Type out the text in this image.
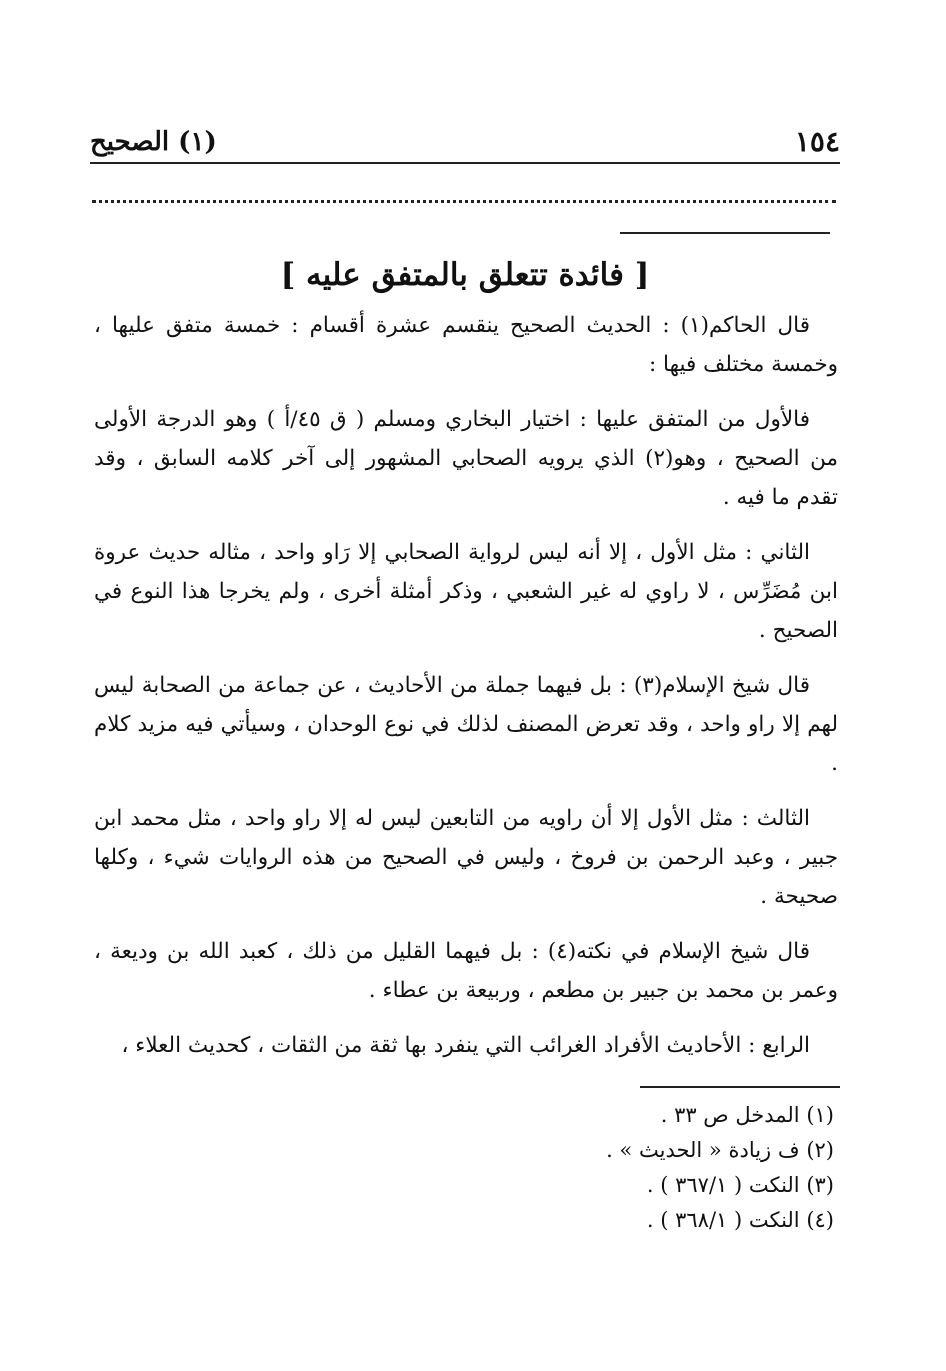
١٥٤
(١) الصحيح
[ فائدة تتعلق بالمتفق عليه ]

قال الحاكم(١) : الحديث الصحيح ينقسم عشرة أقسام : خمسة متفق عليها ، وخمسة مختلف فيها :

فالأول من المتفق عليها : اختيار البخاري ومسلم ( ق ٤٥/أ ) وهو الدرجة الأولى من الصحيح ، وهو(٢) الذي يرويه الصحابي المشهور إلى آخر كلامه السابق ، وقد تقدم ما فيه .

الثاني : مثل الأول ، إلا أنه ليس لرواية الصحابي إلا رَاو واحد ، مثاله حديث عروة ابن مُضَرِّس ، لا راوي له غير الشعبي ، وذكر أمثلة أخرى ، ولم يخرجا هذا النوع في الصحيح .

قال شيخ الإسلام(٣) : بل فيهما جملة من الأحاديث ، عن جماعة من الصحابة ليس لهم إلا راو واحد ، وقد تعرض المصنف لذلك في نوع الوحدان ، وسيأتي فيه مزيد كلام .

الثالث : مثل الأول إلا أن راويه من التابعين ليس له إلا راو واحد ، مثل محمد ابن جبير ، وعبد الرحمن بن فروخ ، وليس في الصحيح من هذه الروايات شيء ، وكلها صحيحة .

قال شيخ الإسلام في نكته(٤) : بل فيهما القليل من ذلك ، كعبد الله بن وديعة ، وعمر بن محمد بن جبير بن مطعم ، وربيعة بن عطاء .

الرابع : الأحاديث الأفراد الغرائب التي ينفرد بها ثقة من الثقات ، كحديث العلاء ،

(١) المدخل ص ٣٣ .
(٢) ف زيادة « الحديث » .
(٣) النكت ( ٣٦٧/١ ) .
(٤) النكت ( ٣٦٨/١ ) .
